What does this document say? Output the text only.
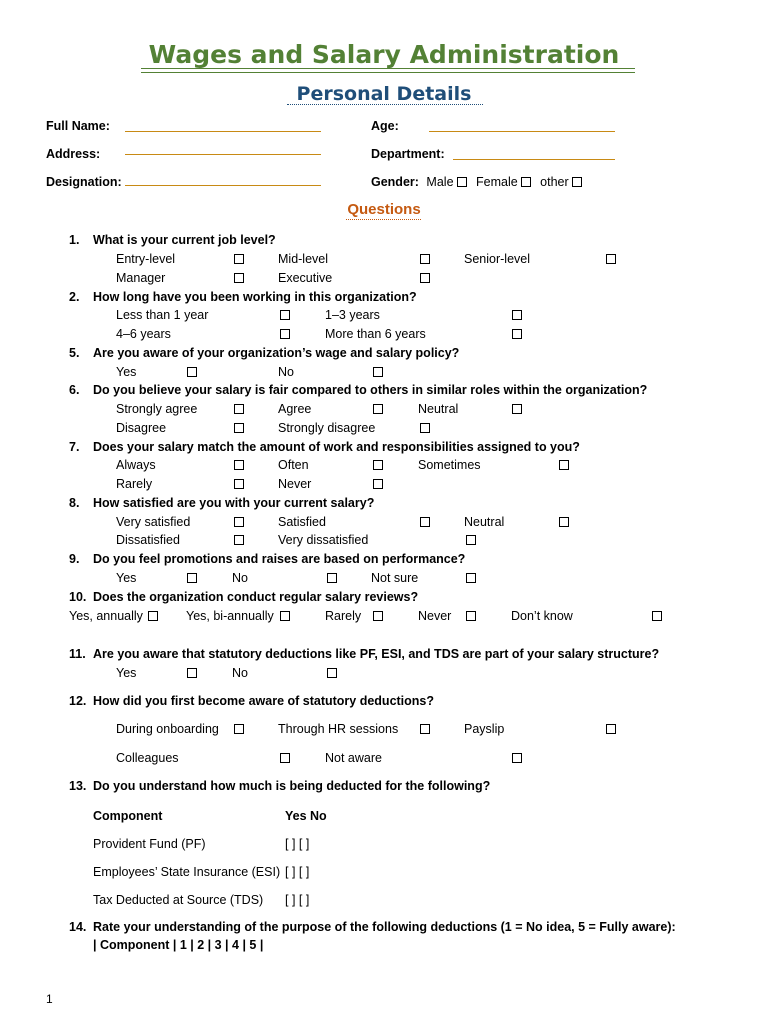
Wages and Salary Administration
Personal Details
Full Name:	Age:
Address:	Department:
Designation:	Gender: Male Female other
Questions
1. What is your current job level?
Entry-level	Mid-level	Senior-level
Manager	Executive
2. How long have you been working in this organization?
Less than 1 year	1–3 years
4–6 years	More than 6 years
5. Are you aware of your organization’s wage and salary policy?
Yes	No
6. Do you believe your salary is fair compared to others in similar roles within the organization?
Strongly agree	Agree	Neutral
Disagree	Strongly disagree
7. Does your salary match the amount of work and responsibilities assigned to you?
Always	Often	Sometimes
Rarely	Never
8. How satisfied are you with your current salary?
Very satisfied	Satisfied	Neutral
Dissatisfied	Very dissatisfied
9. Do you feel promotions and raises are based on performance?
Yes	No	Not sure
10. Does the organization conduct regular salary reviews?
Yes, annually	Yes, bi-annually	Rarely	Never	Don’t know
11. Are you aware that statutory deductions like PF, ESI, and TDS are part of your salary structure?
Yes	No
12. How did you first become aware of statutory deductions?
During onboarding	Through HR sessions	Payslip
Colleagues	Not aware
13. Do you understand how much is being deducted for the following?
Component	Yes No
Provident Fund (PF)	[ ] [ ]
Employees’ State Insurance (ESI) [ ] [ ]
Tax Deducted at Source (TDS) [ ] [ ]
14. Rate your understanding of the purpose of the following deductions (1 = No idea, 5 = Fully aware):
| Component | 1 | 2 | 3 | 4 | 5 |
1
